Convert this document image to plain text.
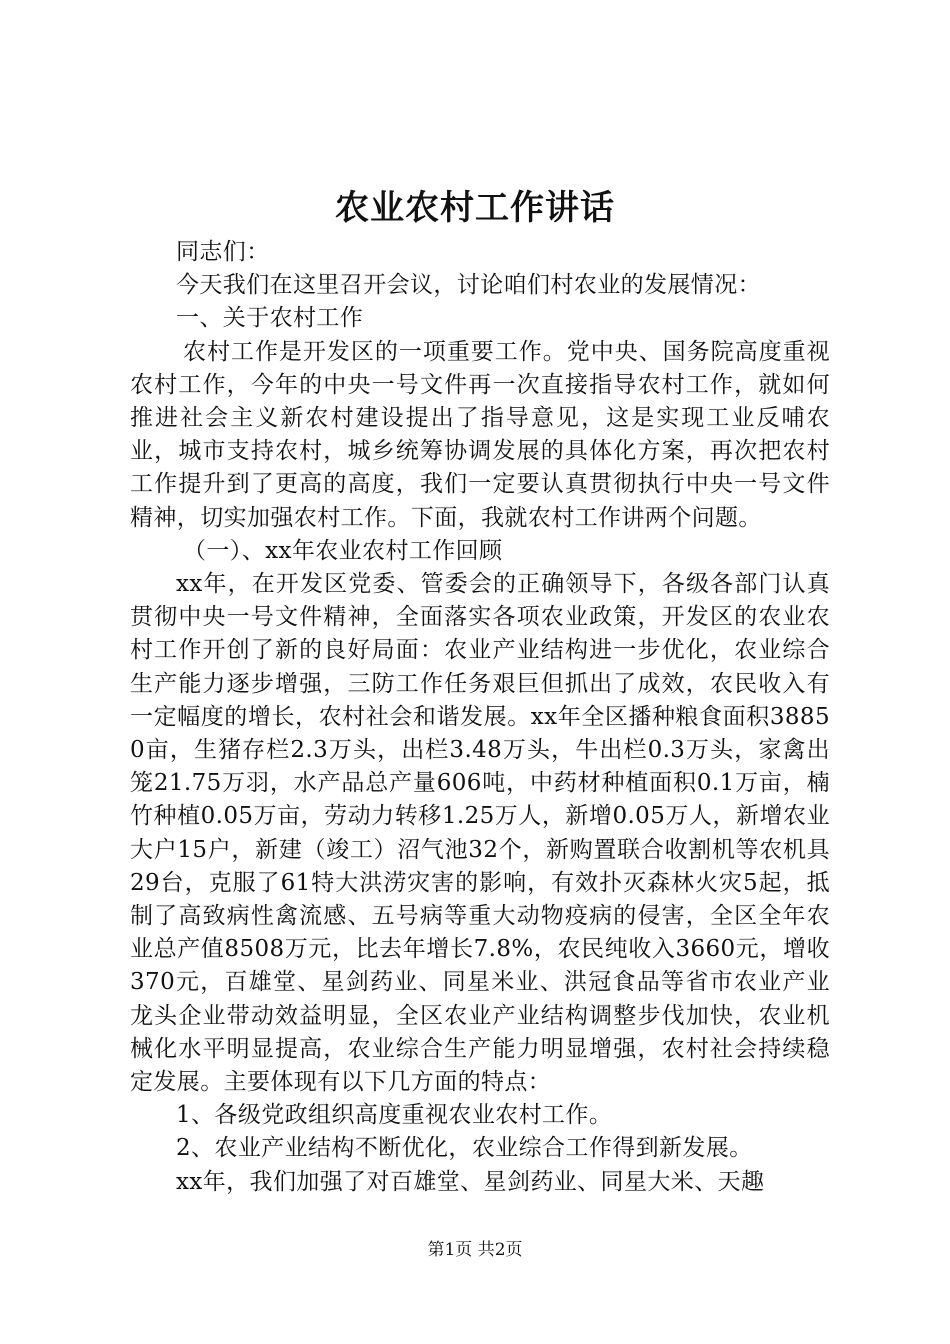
农业农村工作讲话

同志们：

今天我们在这里召开会议，讨论咱们村农业的发展情况：

一、关于农村工作

农村工作是开发区的一项重要工作。党中央、国务院高度重视农村工作，今年的中央一号文件再一次直接指导农村工作，就如何推进社会主义新农村建设提出了指导意见，这是实现工业反哺农业，城市支持农村，城乡统筹协调发展的具体化方案，再次把农村工作提升到了更高的高度，我们一定要认真贯彻执行中央一号文件精神，切实加强农村工作。下面，我就农村工作讲两个问题。

（一）、xx年农业农村工作回顾

xx年，在开发区党委、管委会的正确领导下，各级各部门认真贯彻中央一号文件精神，全面落实各项农业政策，开发区的农业农村工作开创了新的良好局面：农业产业结构进一步优化，农业综合生产能力逐步增强，三防工作任务艰巨但抓出了成效，农民收入有一定幅度的增长，农村社会和谐发展。xx年全区播种粮食面积38850亩，生猪存栏2.3万头，出栏3.48万头，牛出栏0.3万头，家禽出笼21.75万羽，水产品总产量606吨，中药材种植面积0.1万亩，楠竹种植0.05万亩，劳动力转移1.25万人，新增0.05万人，新增农业大户15户，新建（竣工）沼气池32个，新购置联合收割机等农机具29台，克服了61特大洪涝灾害的影响，有效扑灭森林火灾5起，抵制了高致病性禽流感、五号病等重大动物疫病的侵害，全区全年农业总产值8508万元，比去年增长7.8%，农民纯收入3660元，增收370元，百雄堂、星剑药业、同星米业、洪冠食品等省市农业产业龙头企业带动效益明显，全区农业产业结构调整步伐加快，农业机械化水平明显提高，农业综合生产能力明显增强，农村社会持续稳定发展。主要体现有以下几方面的特点：

1、各级党政组织高度重视农业农村工作。

2、农业产业结构不断优化，农业综合工作得到新发展。

xx年，我们加强了对百雄堂、星剑药业、同星大米、天趣

第1页 共2页
